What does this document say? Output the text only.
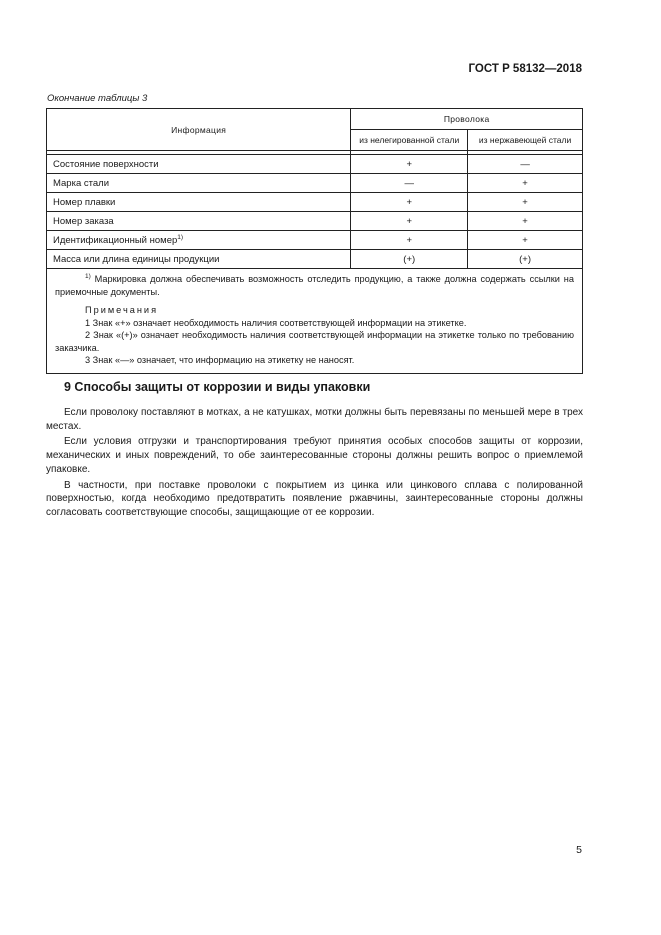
ГОСТ Р 58132—2018
Окончание таблицы 3
Информация	Проволока	
	из нелегированной стали	из нержавеющей стали

Состояние поверхности	+	—
Марка стали	—	+
Номер плавки	+	+
Номер заказа	+	+
Идентификационный номер$^{1)}$	+	+
Масса или длина единицы продукции	(+)	(+)

$^{1)}$ Маркировка должна обеспечивать возможность отследить продукцию, а также должна содержать ссылки на приемочные документы.

Примечания

1 Знак «+» означает необходимость наличия соответствующей информации на этикетке.

2 Знак «(+)» означает необходимость наличия соответствующей информации на этикетке только по требованию заказчика.

3 Знак «—» означает, что информацию на этикетку не наносят.		

9 Способы защиты от коррозии и виды упаковки

Если проволоку поставляют в мотках, а не катушках, мотки должны быть перевязаны по меньшей мере в трех местах.

Если условия отгрузки и транспортирования требуют принятия особых способов защиты от коррозии, механических и иных повреждений, то обе заинтересованные стороны должны решить вопрос о приемлемой упаковке.

В частности, при поставке проволоки с покрытием из цинка или цинкового сплава с полированной поверхностью, когда необходимо предотвратить появление ржавчины, заинтересованные стороны должны согласовать соответствующие способы, защищающие от ее коррозии.

5
